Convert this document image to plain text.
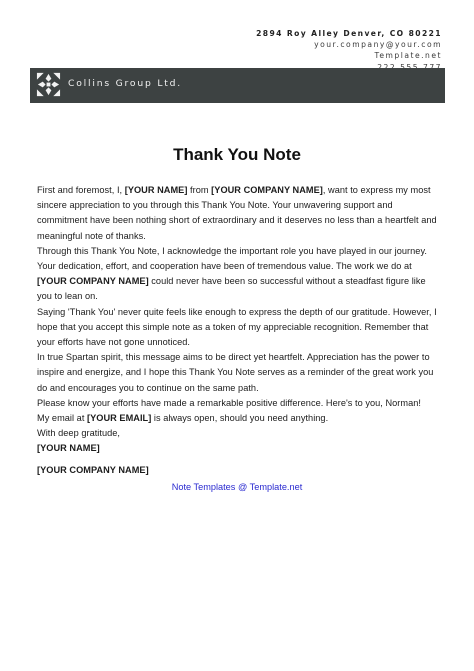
2894 Roy Alley Denver, CO 80221
your.company@your.com
Template.net
Collins Group Ltd.
Thank You Note

First and foremost, I, [YOUR NAME] from [YOUR COMPANY NAME], want to express my most sincere appreciation to you through this Thank You Note. Your unwavering support and commitment have been nothing short of extraordinary and it deserves no less than a heartfelt and meaningful note of thanks.

Through this Thank You Note, I acknowledge the important role you have played in our journey. Your dedication, effort, and cooperation have been of tremendous value. The work we do at [YOUR COMPANY NAME] could never have been so successful without a steadfast figure like you to lean on.

Saying 'Thank You' never quite feels like enough to express the depth of our gratitude. However, I hope that you accept this simple note as a token of my appreciable recognition. Remember that your efforts have not gone unnoticed.

In true Spartan spirit, this message aims to be direct yet heartfelt. Appreciation has the power to inspire and energize, and I hope this Thank You Note serves as a reminder of the great work you do and encourages you to continue on the same path.

Please know your efforts have made a remarkable positive difference. Here's to you, Norman!
My email at [YOUR EMAIL] is always open, should you need anything.

With deep gratitude,

[YOUR NAME]

[YOUR COMPANY NAME]

Note Templates @ Template.net
